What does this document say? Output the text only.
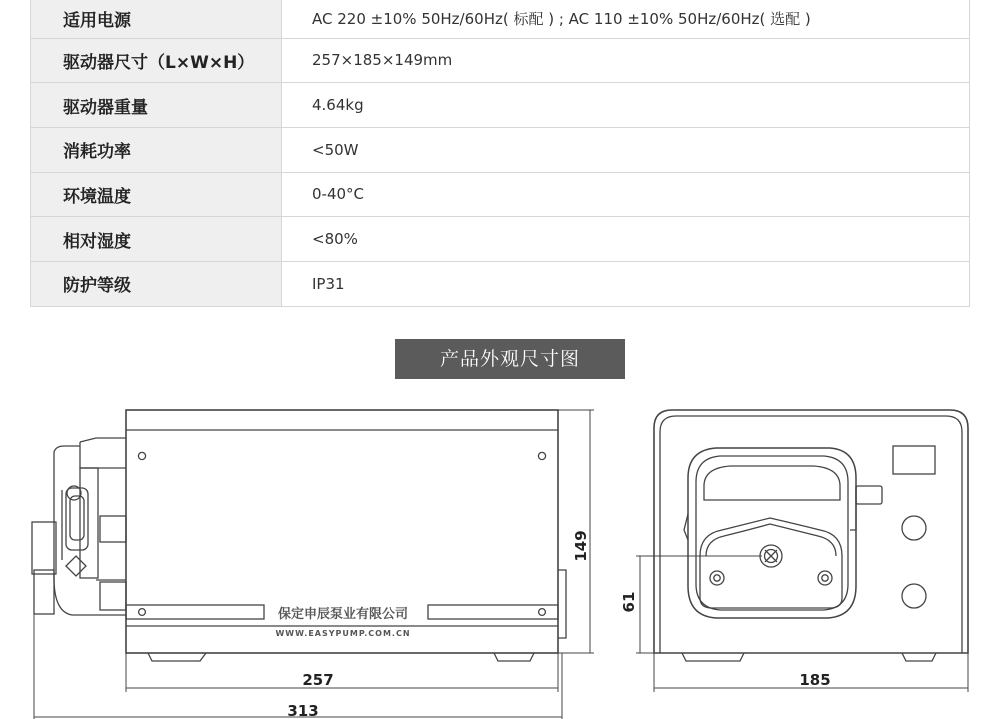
适用电源	AC 220 ±10% 50Hz/60Hz( 标配 ) ; AC 110 ±10% 50Hz/60Hz( 选配 )
驱动器尺寸（L×W×H）	257×185×149mm
驱动器重量	4.64kg
消耗功率	<50W
环境温度	0-40°C
相对湿度	<80%
防护等级	IP31
产品外观尺寸图
保定申辰泵业有限公司
WWW.EASYPUMP.COM.CN
257
313
185
149
61
